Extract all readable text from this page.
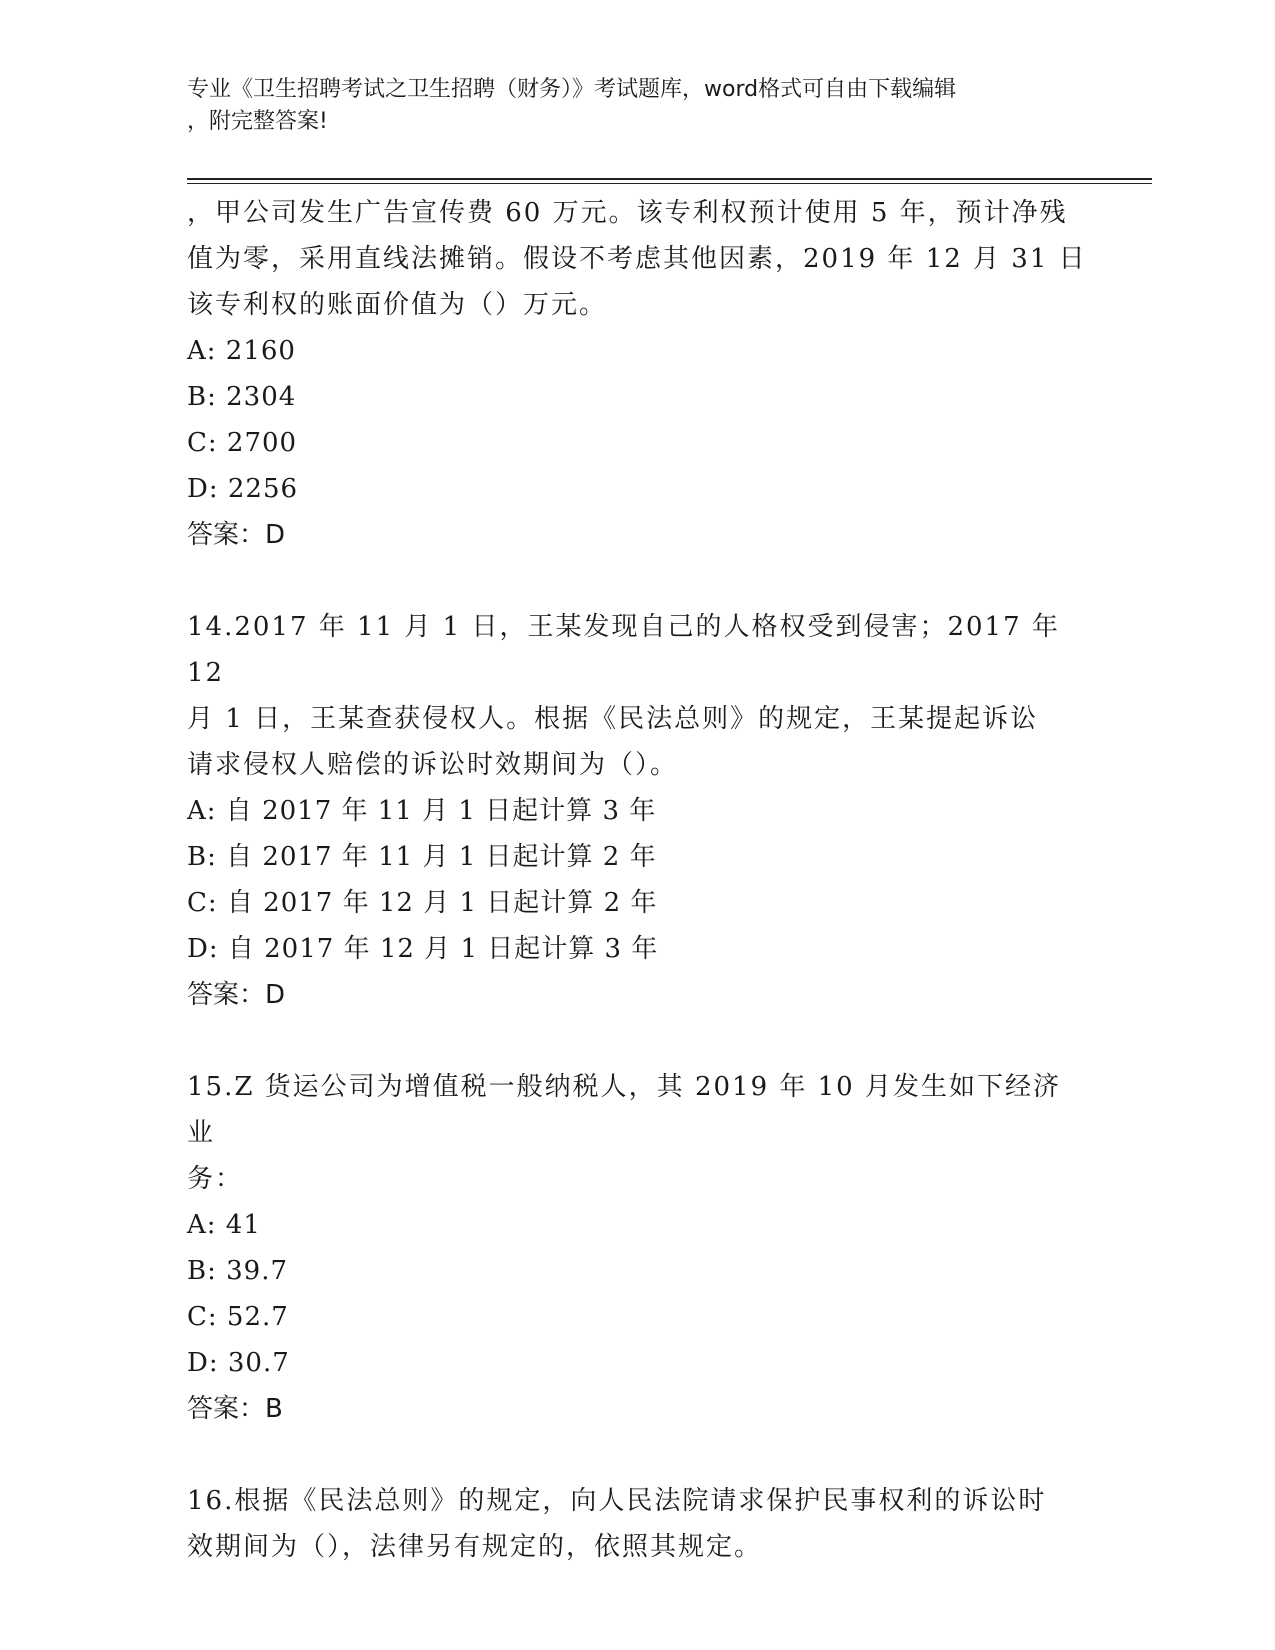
专业《卫生招聘考试之卫生招聘（财务）》考试题库，word格式可自由下载编辑
，附完整答案!

，甲公司发生广告宣传费 60 万元。该专利权预计使用 5 年，预计净残

值为零，采用直线法摊销。假设不考虑其他因素，2019 年 12 月 31 日

该专利权的账面价值为（）万元。

A: 2160

B: 2304

C: 2700

D: 2256

答案：D

14.2017 年 11 月 1 日，王某发现自己的人格权受到侵害；2017 年 12

月 1 日，王某查获侵权人。根据《民法总则》的规定，王某提起诉讼

请求侵权人赔偿的诉讼时效期间为（）。

A: 自 2017 年 11 月 1 日起计算 3 年

B: 自 2017 年 11 月 1 日起计算 2 年

C: 自 2017 年 12 月 1 日起计算 2 年

D: 自 2017 年 12 月 1 日起计算 3 年

答案：D

15.Z 货运公司为增值税一般纳税人，其 2019 年 10 月发生如下经济业

务：

A: 41

B: 39.7

C: 52.7

D: 30.7

答案：B

16.根据《民法总则》的规定，向人民法院请求保护民事权利的诉讼时

效期间为（），法律另有规定的，依照其规定。
